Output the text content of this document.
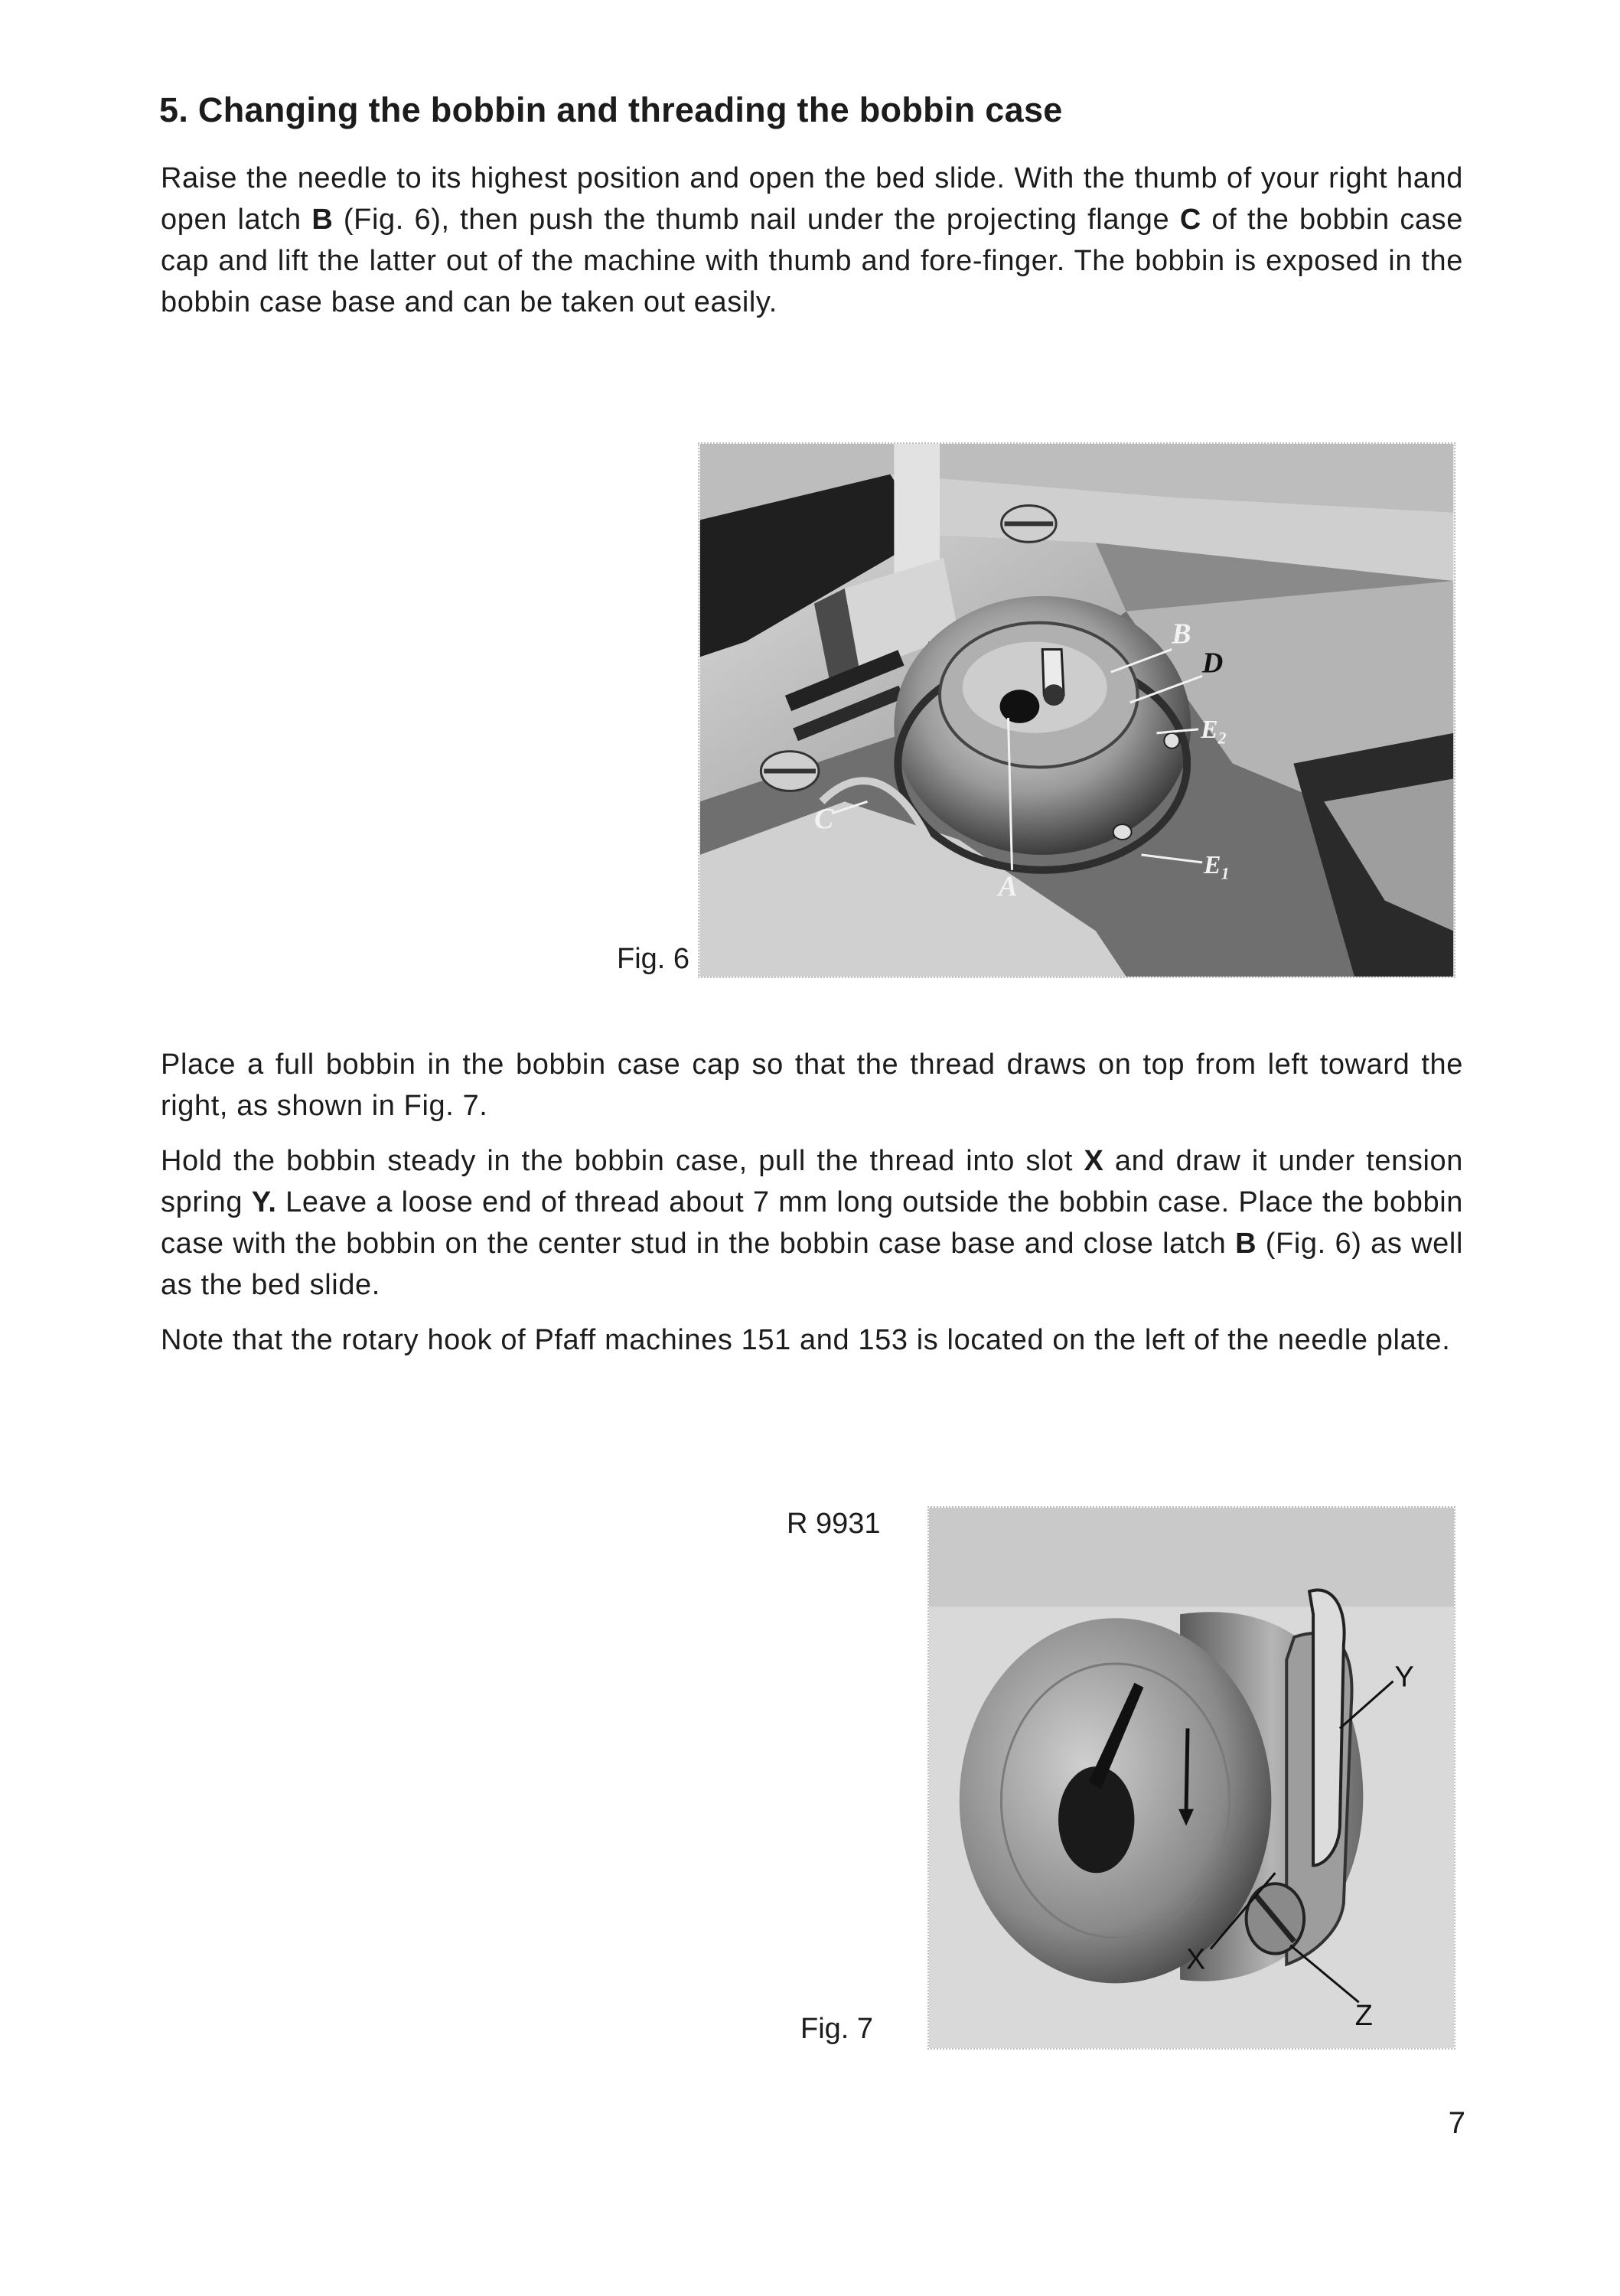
5. Changing the bobbin and threading the bobbin case

Raise the needle to its highest position and open the bed slide. With the thumb of your right hand open latch B (Fig. 6), then push the thumb nail under the projecting flange C of the bobbin case cap and lift the latter out of the machine with thumb and fore-finger. The bobbin is exposed in the bobbin case base and can be taken out easily.

Fig. 6
B
D
$E_2$
C
A
$E_1$

Place a full bobbin in the bobbin case cap so that the thread draws on top from left toward the right, as shown in Fig. 7.

Hold the bobbin steady in the bobbin case, pull the thread into slot X and draw it under tension spring Y. Leave a loose end of thread about 7 mm long outside the bobbin case. Place the bobbin case with the bobbin on the center stud in the bobbin case base and close latch B (Fig. 6) as well as the bed slide.

Note that the rotary hook of Pfaff machines 151 and 153 is located on the left of the needle plate.

R 9931
Fig. 7
Y
X
Z
7
